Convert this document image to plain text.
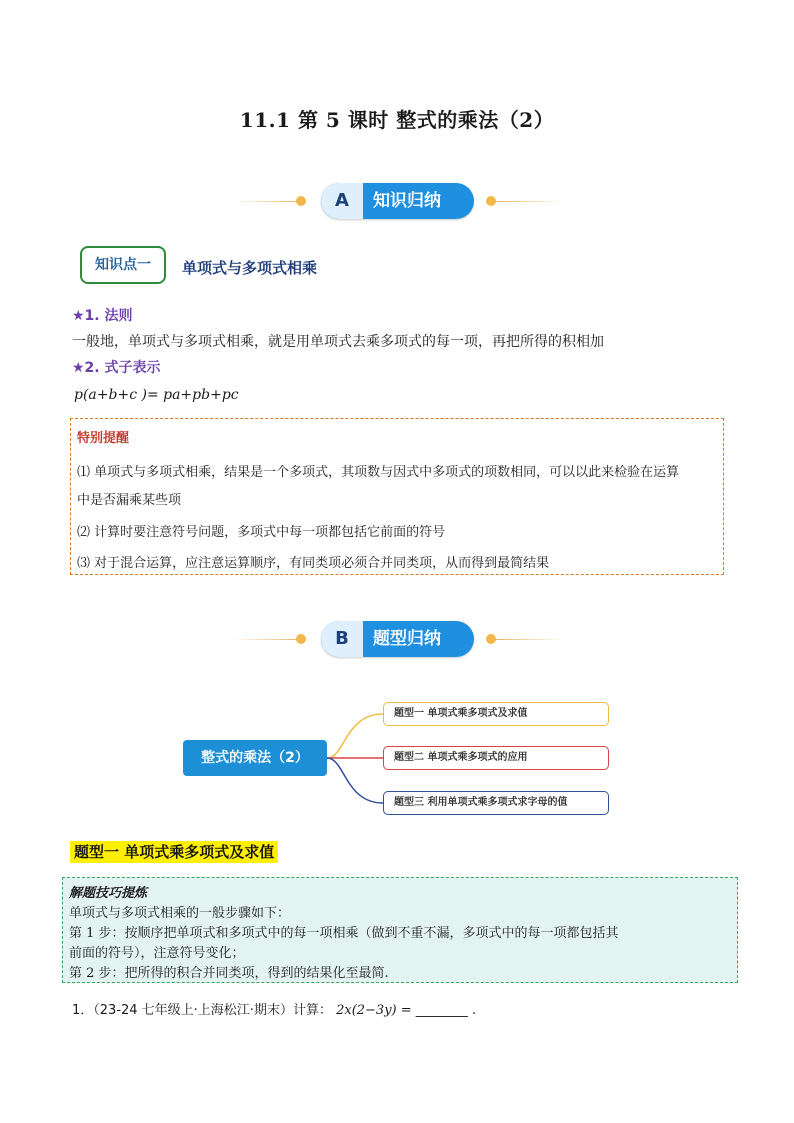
11.1 第 5 课时 整式的乘法（2）
A	知识归纳
知识点一	单项式与多项式相乘
★1. 法则
一般地，单项式与多项式相乘，就是用单项式去乘多项式的每一项，再把所得的积相加
★2. 式子表示
p(a+b+c )= pa+pb+pc
特别提醒
⑴ 单项式与多项式相乘，结果是一个多项式，其项数与因式中多项式的项数相同，可以以此来检验在运算
中是否漏乘某些项
⑵ 计算时要注意符号问题，多项式中每一项都包括它前面的符号
⑶ 对于混合运算，应注意运算顺序，有同类项必须合并同类项，从而得到最简结果
B	题型归纳
整式的乘法（2）
题型一 单项式乘多项式及求值
题型二 单项式乘多项式的应用
题型三 利用单项式乘多项式求字母的值
题型一 单项式乘多项式及求值
解题技巧提炼
单项式与多项式相乘的一般步骤如下：
第 1 步：按顺序把单项式和多项式中的每一项相乘（做到不重不漏，多项式中的每一项都包括其
前面的符号），注意符号变化；
第 2 步：把所得的积合并同类项，得到的结果化至最简.
1．（23-24 七年级上·上海松江·期末）计算： 2x(2−3y) = ________ .
